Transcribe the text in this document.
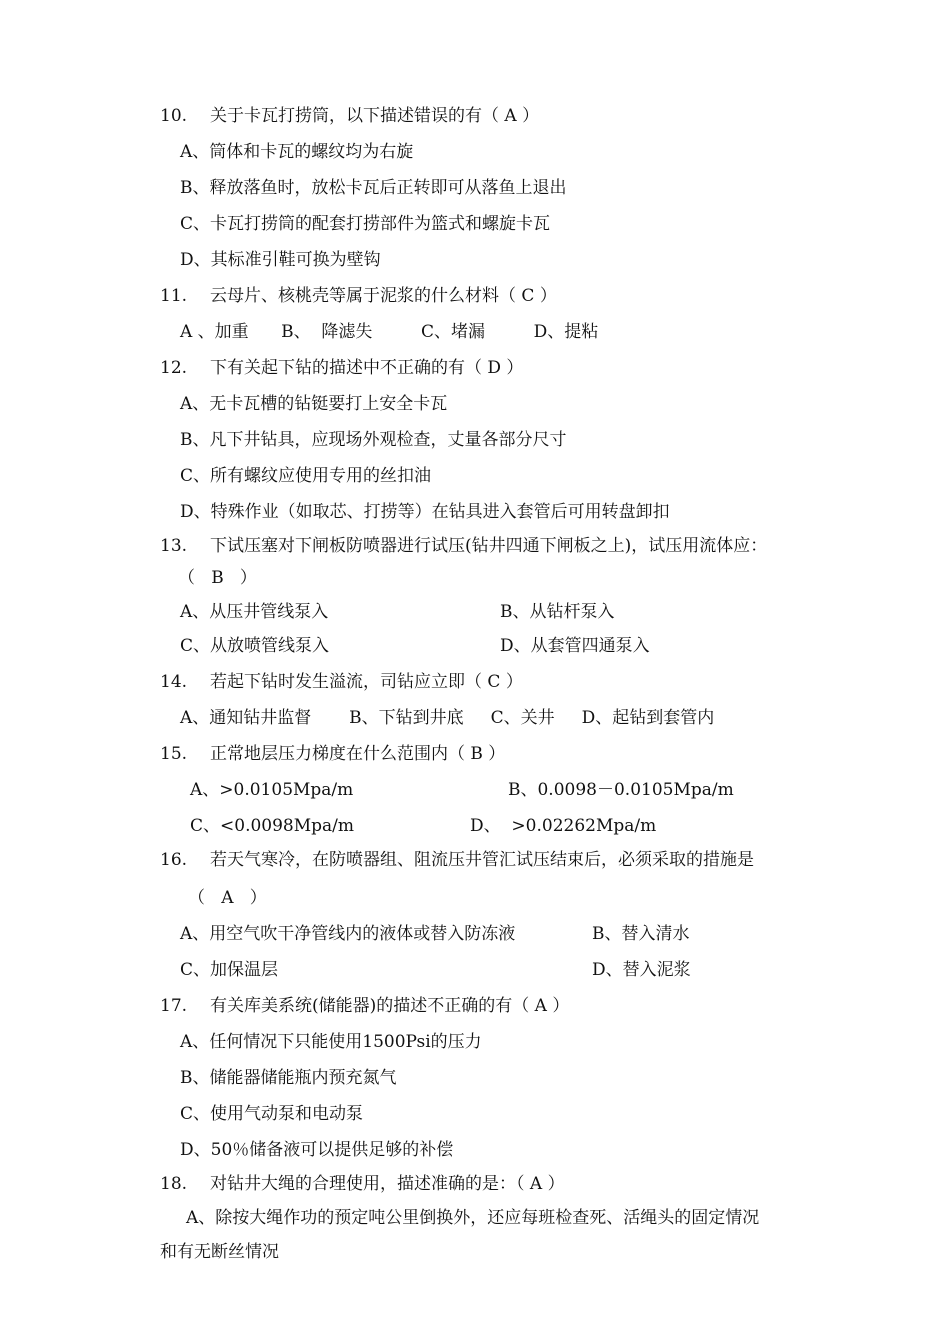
10. 关于卡瓦打捞筒，以下描述错误的有（ A ）
A、筒体和卡瓦的螺纹均为右旋
B、释放落鱼时，放松卡瓦后正转即可从落鱼上退出
C、卡瓦打捞筒的配套打捞部件为篮式和螺旋卡瓦
D、其标准引鞋可换为壁钩
11. 云母片、核桃壳等属于泥浆的什么材料（ C ）
A 、加重      B、  降滤失         C、堵漏         D、提粘
12. 下有关起下钻的描述中不正确的有（ D ）
A、无卡瓦槽的钻铤要打上安全卡瓦
B、凡下井钻具，应现场外观检查，丈量各部分尺寸
C、所有螺纹应使用专用的丝扣油
D、特殊作业（如取芯、打捞等）在钻具进入套管后可用转盘卸扣
13. 下试压塞对下闸板防喷器进行试压(钻井四通下闸板之上)，试压用流体应：
（   B   ）
A、从压井管线泵入	B、从钻杆泵入
C、从放喷管线泵入	D、从套管四通泵入
14. 若起下钻时发生溢流，司钻应立即（ C ）
A、通知钻井监督       B、下钻到井底     C、关井     D、起钻到套管内
15. 正常地层压力梯度在什么范围内（ B ）
A、>0.0105Mpa/m	B、0.0098－0.0105Mpa/m
C、<0.0098Mpa/m	D、  >0.02262Mpa/m
16. 若天气寒冷，在防喷器组、阻流压井管汇试压结束后，必须采取的措施是
（   A   ）
A、用空气吹干净管线内的液体或替入防冻液	B、替入清水
C、加保温层	D、替入泥浆
17. 有关库美系统(储能器)的描述不正确的有（ A ）
A、任何情况下只能使用1500Psi的压力
B、储能器储能瓶内预充氮气
C、使用气动泵和电动泵
D、50％储备液可以提供足够的补偿
18. 对钻井大绳的合理使用，描述准确的是：（ A ）
A、除按大绳作功的预定吨公里倒换外，还应每班检查死、活绳头的固定情况
和有无断丝情况
